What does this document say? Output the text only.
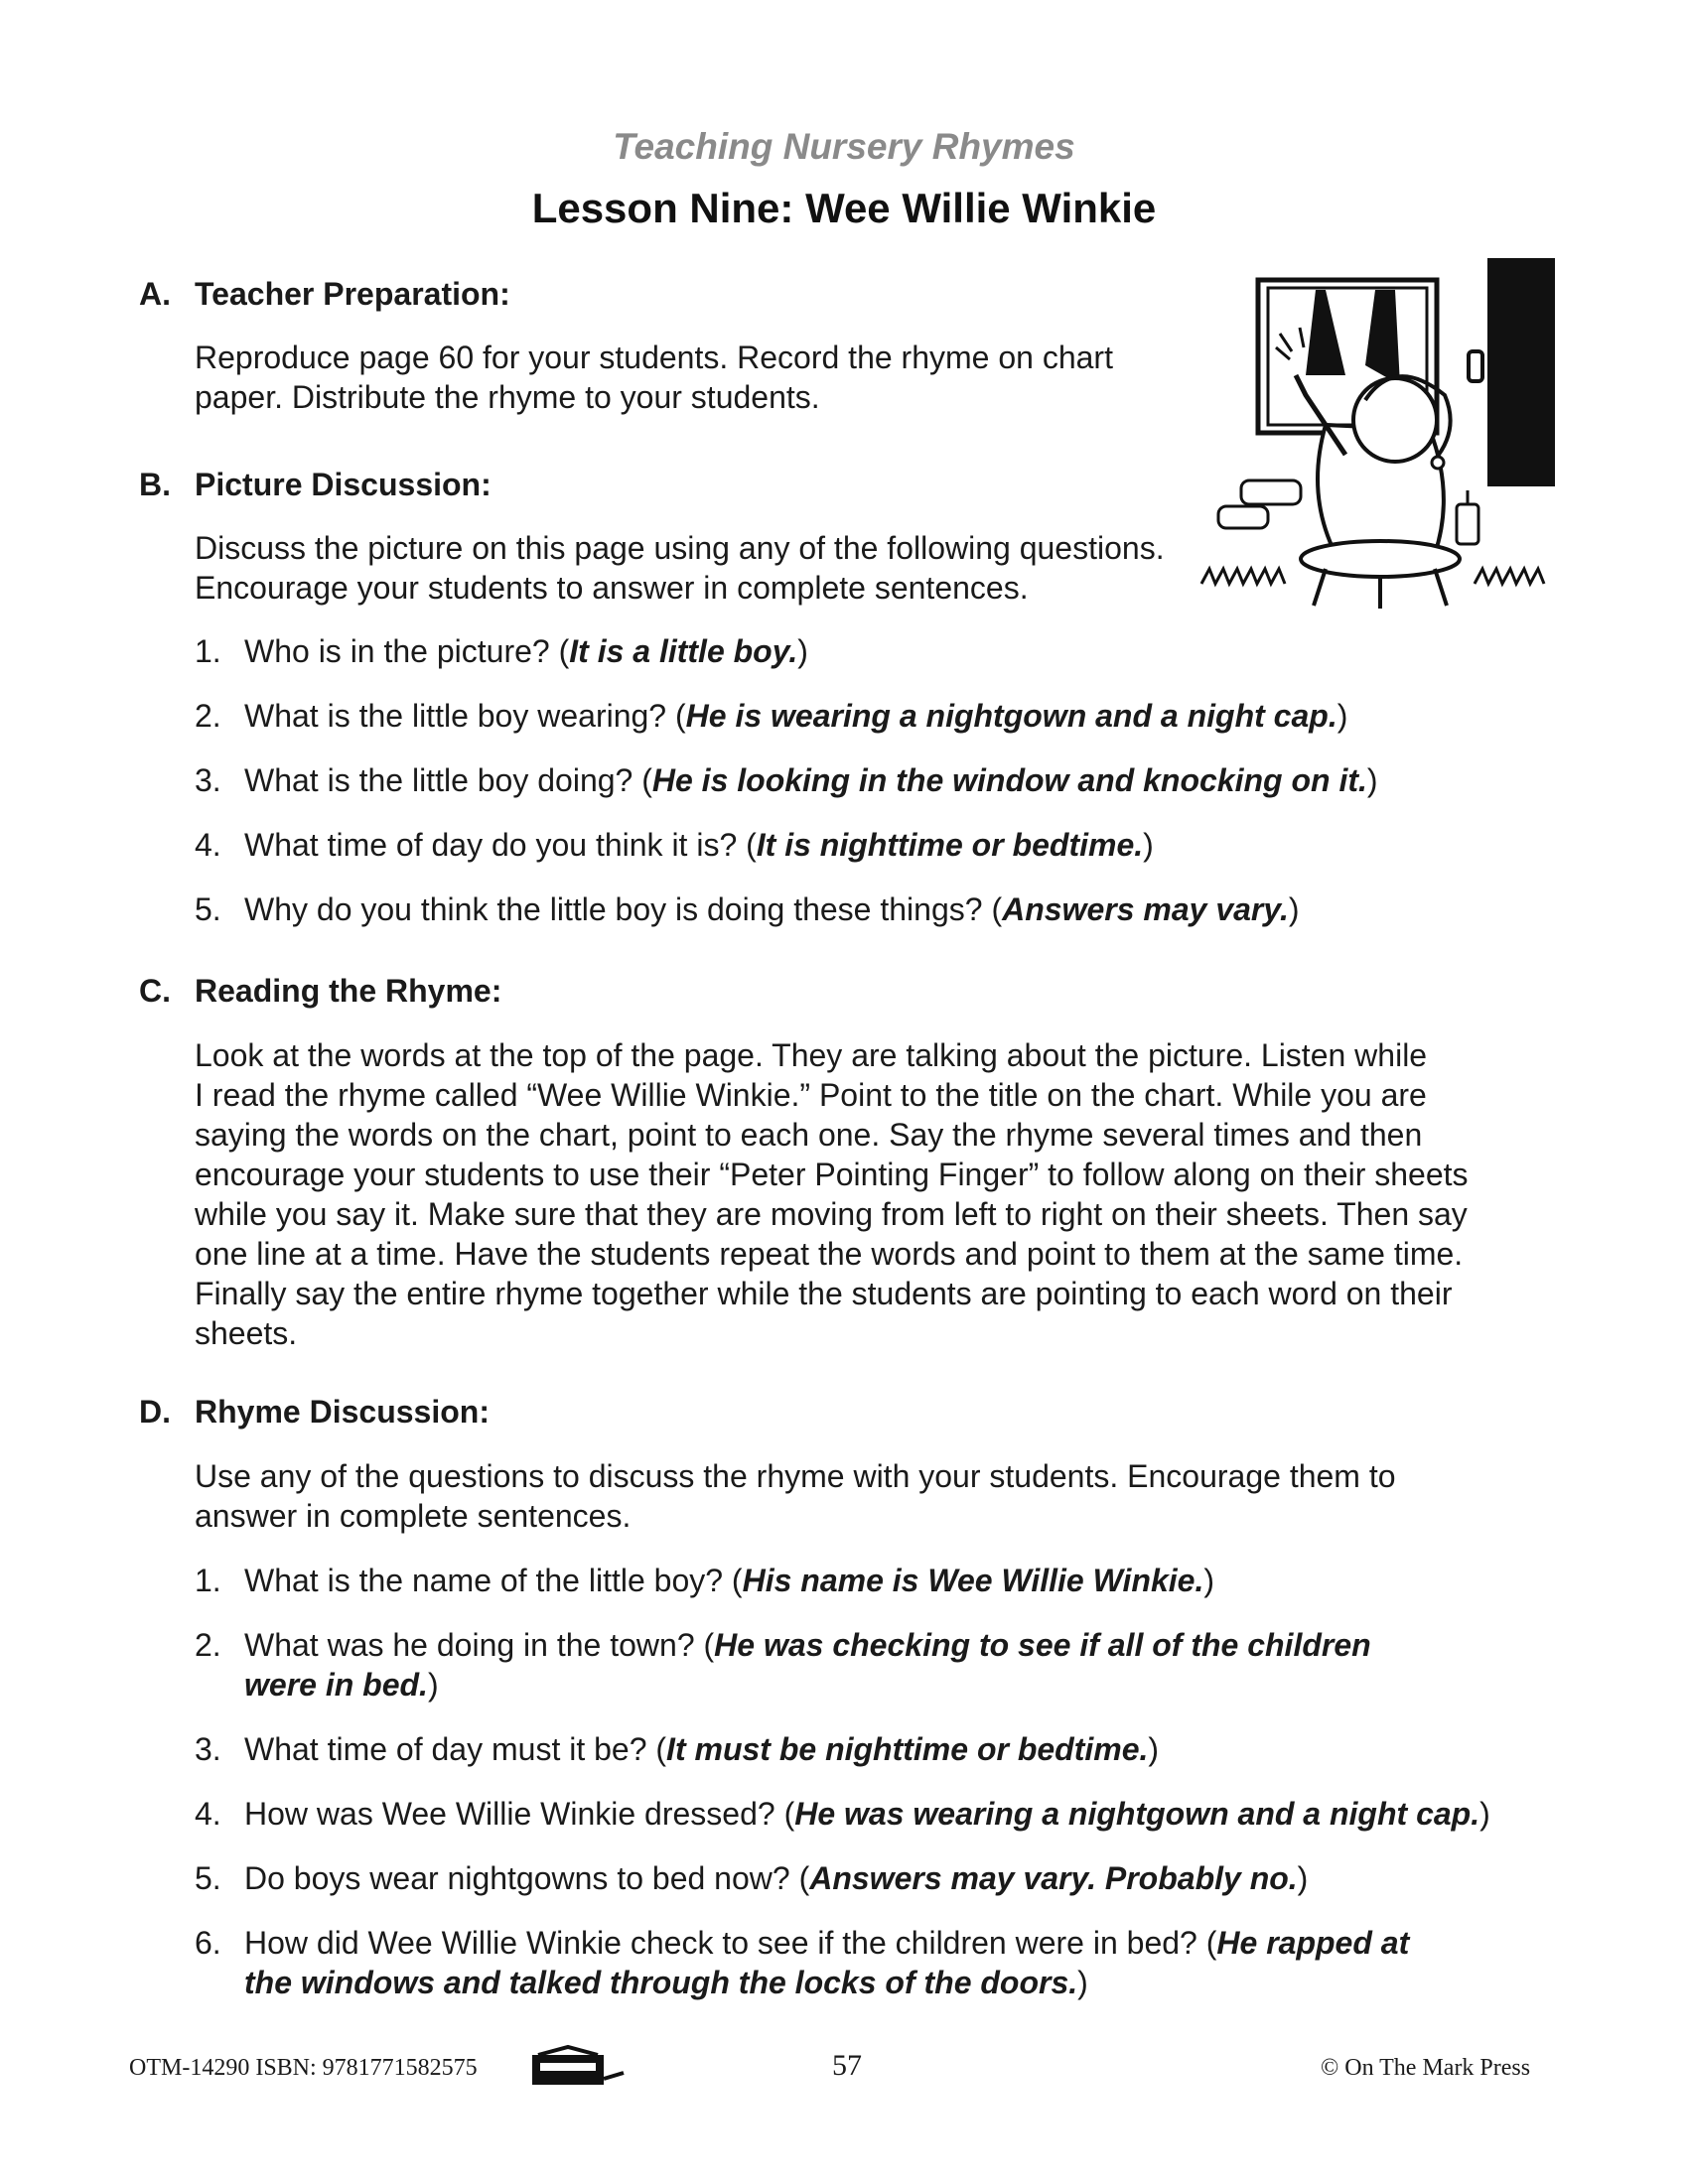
Teaching Nursery Rhymes
Lesson Nine: Wee Willie Winkie
A. Teacher Preparation:
Reproduce page 60 for your students. Record the rhyme on chart
paper. Distribute the rhyme to your students.
B. Picture Discussion:
Discuss the picture on this page using any of the following questions.
Encourage your students to answer in complete sentences.
1. Who is in the picture? (It is a little boy.)
2. What is the little boy wearing? (He is wearing a nightgown and a night cap.)
3. What is the little boy doing? (He is looking in the window and knocking on it.)
4. What time of day do you think it is? (It is nighttime or bedtime.)
5. Why do you think the little boy is doing these things? (Answers may vary.)
C. Reading the Rhyme:
Look at the words at the top of the page. They are talking about the picture. Listen while
I read the rhyme called “Wee Willie Winkie.” Point to the title on the chart. While you are
saying the words on the chart, point to each one. Say the rhyme several times and then
encourage your students to use their “Peter Pointing Finger” to follow along on their sheets
while you say it. Make sure that they are moving from left to right on their sheets. Then say
one line at a time. Have the students repeat the words and point to them at the same time.
Finally say the entire rhyme together while the students are pointing to each word on their
sheets.
D. Rhyme Discussion:
Use any of the questions to discuss the rhyme with your students. Encourage them to
answer in complete sentences.
1. What is the name of the little boy? (His name is Wee Willie Winkie.)
2. What was he doing in the town? (He was checking to see if all of the children
were in bed.)
3. What time of day must it be? (It must be nighttime or bedtime.)
4. How was Wee Willie Winkie dressed? (He was wearing a nightgown and a night cap.)
5. Do boys wear nightgowns to bed now? (Answers may vary. Probably no.)
6. How did Wee Willie Winkie check to see if the children were in bed? (He rapped at
the windows and talked through the locks of the doors.)
OTM-14290 ISBN: 9781771582575	57	© On The Mark Press
